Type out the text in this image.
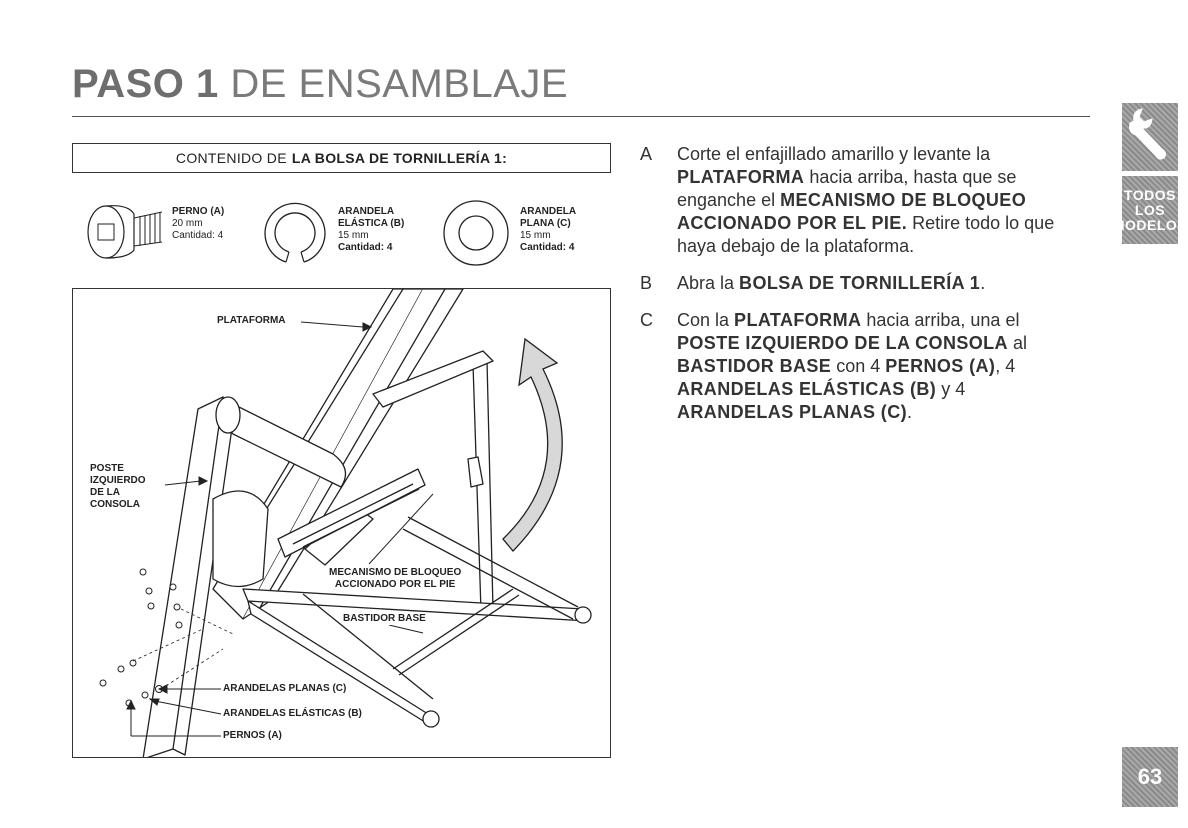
PASO 1 DE ENSAMBLAJE
CONTENIDO DE LA BOLSA DE TORNILLERÍA 1:
PERNO (A)
20 mm
Cantidad: 4
ARANDELA
ELÁSTICA (B)
15 mm
Cantidad: 4
ARANDELA
PLANA (C)
15 mm
Cantidad: 4
PLATAFORMA
POSTE
IZQUIERDO
DE LA
CONSOLA
MECANISMO DE BLOQUEO
ACCIONADO POR EL PIE
BASTIDOR BASE
ARANDELAS PLANAS (C)
ARANDELAS ELÁSTICAS (B)
PERNOS (A)
A	Corte el enfajillado amarillo y levante la PLATAFORMA hacia arriba, hasta que se enganche el MECANISMO DE BLOQUEO ACCIONADO POR EL PIE. Retire todo lo que haya debajo de la plataforma.
B	Abra la BOLSA DE TORNILLERÍA 1.
C	Con la PLATAFORMA hacia arriba, una el POSTE IZQUIERDO DE LA CONSOLA al BASTIDOR BASE con 4 PERNOS (A), 4 ARANDELAS ELÁSTICAS (B) y 4 ARANDELAS PLANAS (C).
TODOS
LOS
MODELOS
63
